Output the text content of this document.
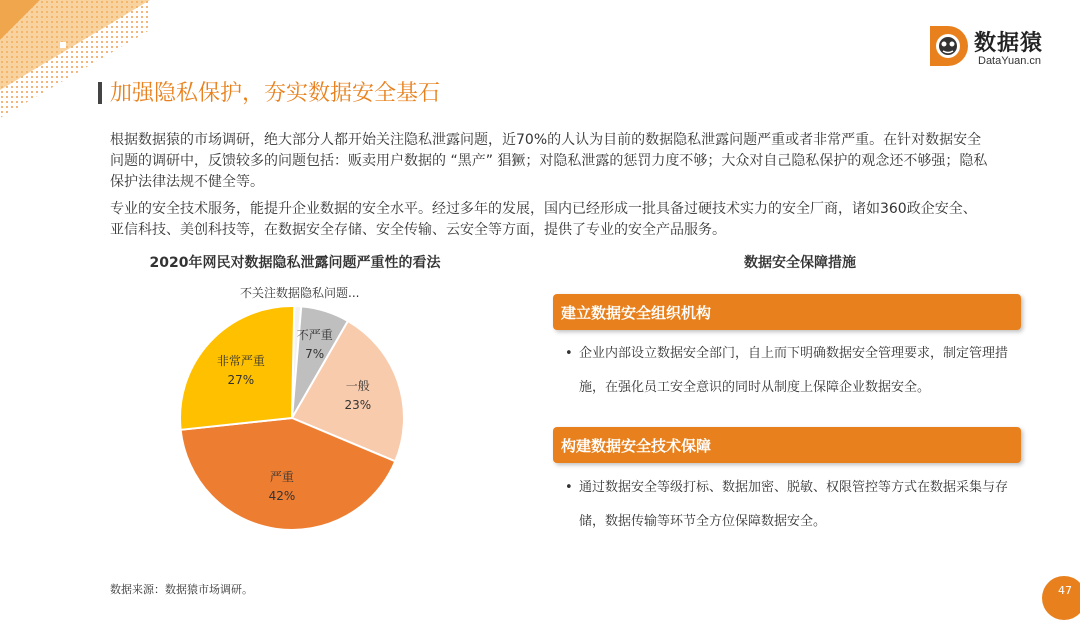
数据猿
DataYuan.cn
加强隐私保护，夯实数据安全基石

根据数据猿的市场调研，绝大部分人都开始关注隐私泄露问题，近70%的人认为目前的数据隐私泄露问题严重或者非常严重。在针对数据安全问题的调研中，反馈较多的问题包括：贩卖用户数据的 “黑产” 猖獗；对隐私泄露的惩罚力度不够；大众对自己隐私保护的观念还不够强；隐私保护法律法规不健全等。

专业的安全技术服务，能提升企业数据的安全水平。经过多年的发展，国内已经形成一批具备过硬技术实力的安全厂商，诸如360政企安全、亚信科技、美创科技等，在数据安全存储、安全传输、云安全等方面，提供了专业的安全产品服务。

2020年网民对数据隐私泄露问题严重性的看法
不关注数据隐私问题...
不严重
7%
一般
23%
严重
42%
非常严重
27%
数据安全保障措施
建立数据安全组织机构
• 企业内部设立数据安全部门，自上而下明确数据安全管理要求，制定管理措施，在强化员工安全意识的同时从制度上保障企业数据安全。
构建数据安全技术保障
• 通过数据安全等级打标、数据加密、脱敏、权限管控等方式在数据采集与存储，数据传输等环节全方位保障数据安全。
数据来源：数据猿市场调研。	47
